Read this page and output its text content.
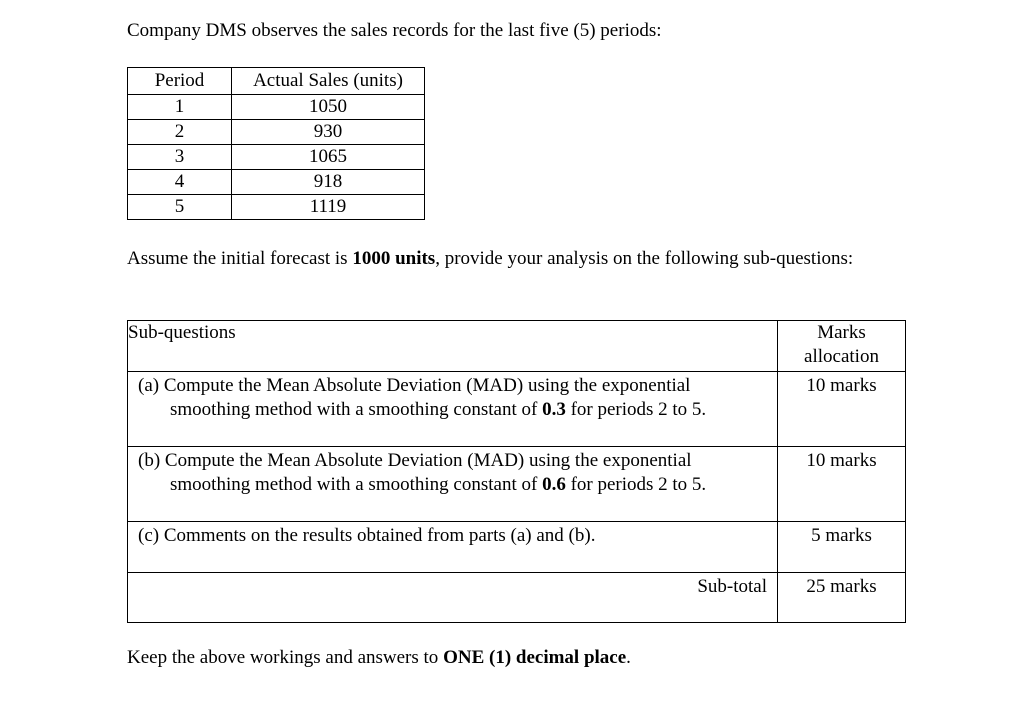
Company DMS observes the sales records for the last five (5) periods:
Period	Actual Sales (units)
1	1050
2	930
3	1065
4	918
5	1119
Assume the initial forecast is 1000 units, provide your analysis on the following sub-questions:
Sub-questions	Marks allocation

(a) Compute the Mean Absolute Deviation (MAD) using the exponential smoothing method with a smoothing constant of 0.3 for periods 2 to 5.	10 marks

(b) Compute the Mean Absolute Deviation (MAD) using the exponential smoothing method with a smoothing constant of 0.6 for periods 2 to 5.	10 marks

(c) Comments on the results obtained from parts (a) and (b).	5 marks

Sub-total	25 marks
Keep the above workings and answers to ONE (1) decimal place.
